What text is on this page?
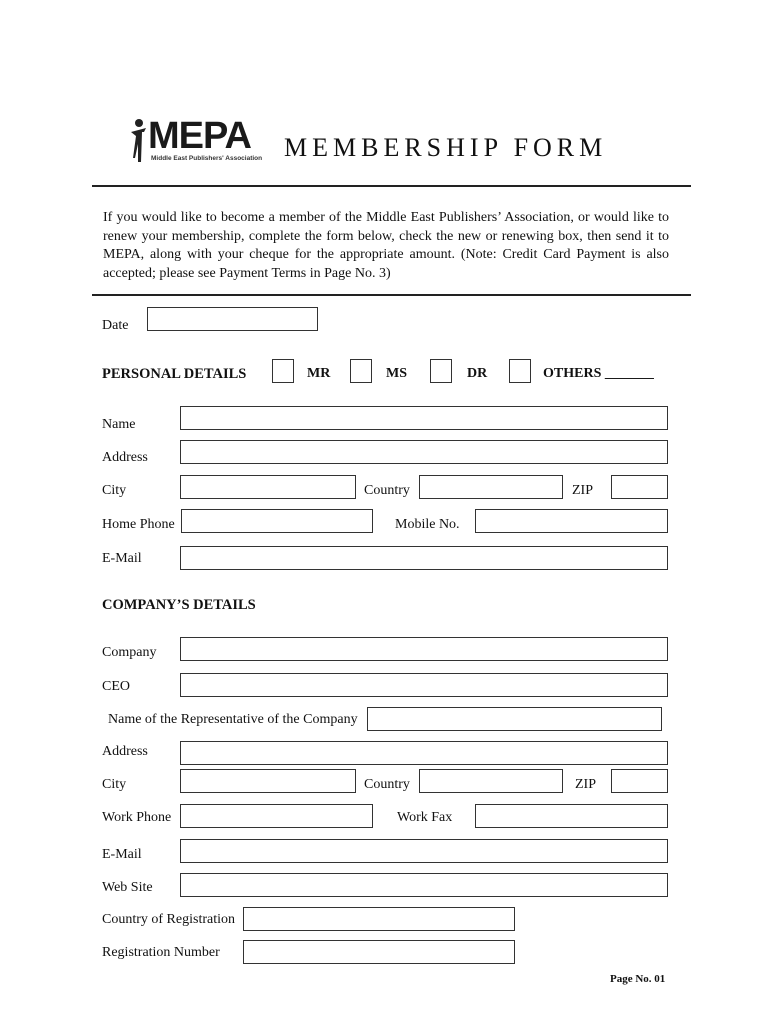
MEPA
Middle East Publishers' Association MEMBERSHIP FORM
If you would like to become a member of the Middle East Publishers’ Association, or would like to renew your membership, complete the form below, check the new or renewing box, then send it to MEPA, along with your cheque for the appropriate amount. (Note: Credit Card Payment is also accepted; please see Payment Terms in Page No. 3)
Date
PERSONAL DETAILS	MR	MS	DR	OTHERS _______
Name
Address
City	Country	ZIP
Home Phone	Mobile No.
E-Mail
COMPANY’S DETAILS
Company
CEO
Name of the Representative of the Company
Address
City	Country	ZIP
Work Phone	Work Fax
E-Mail
Web Site
Country of Registration
Registration Number
Page No. 01
